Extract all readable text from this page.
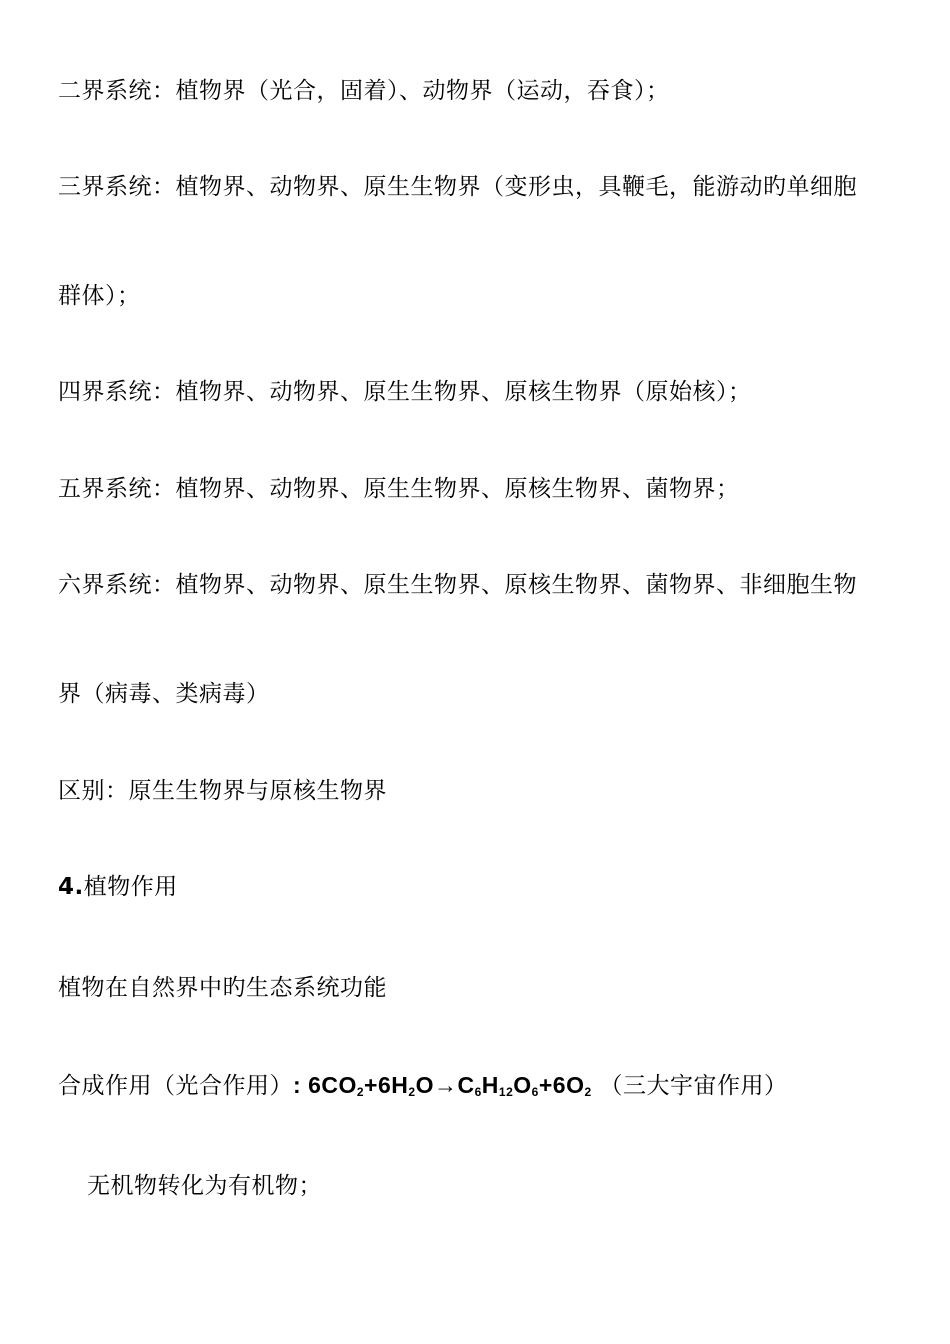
二界系统：植物界（光合，固着）、动物界（运动，吞食）；
三界系统：植物界、动物界、原生生物界（变形虫，具鞭毛，能游动旳单细胞
群体）；
四界系统：植物界、动物界、原生生物界、原核生物界（原始核）；
五界系统：植物界、动物界、原生生物界、原核生物界、菌物界；
六界系统：植物界、动物界、原生生物界、原核生物界、菌物界、非细胞生物
界（病毒、类病毒）
区别：原生生物界与原核生物界
4.植物作用
植物在自然界中旳生态系统功能
合成作用（光合作用）: $6CO_2+6H_2O\to C_6H_{12}O_6+6O_2$ （三大宇宙作用）
无机物转化为有机物；
